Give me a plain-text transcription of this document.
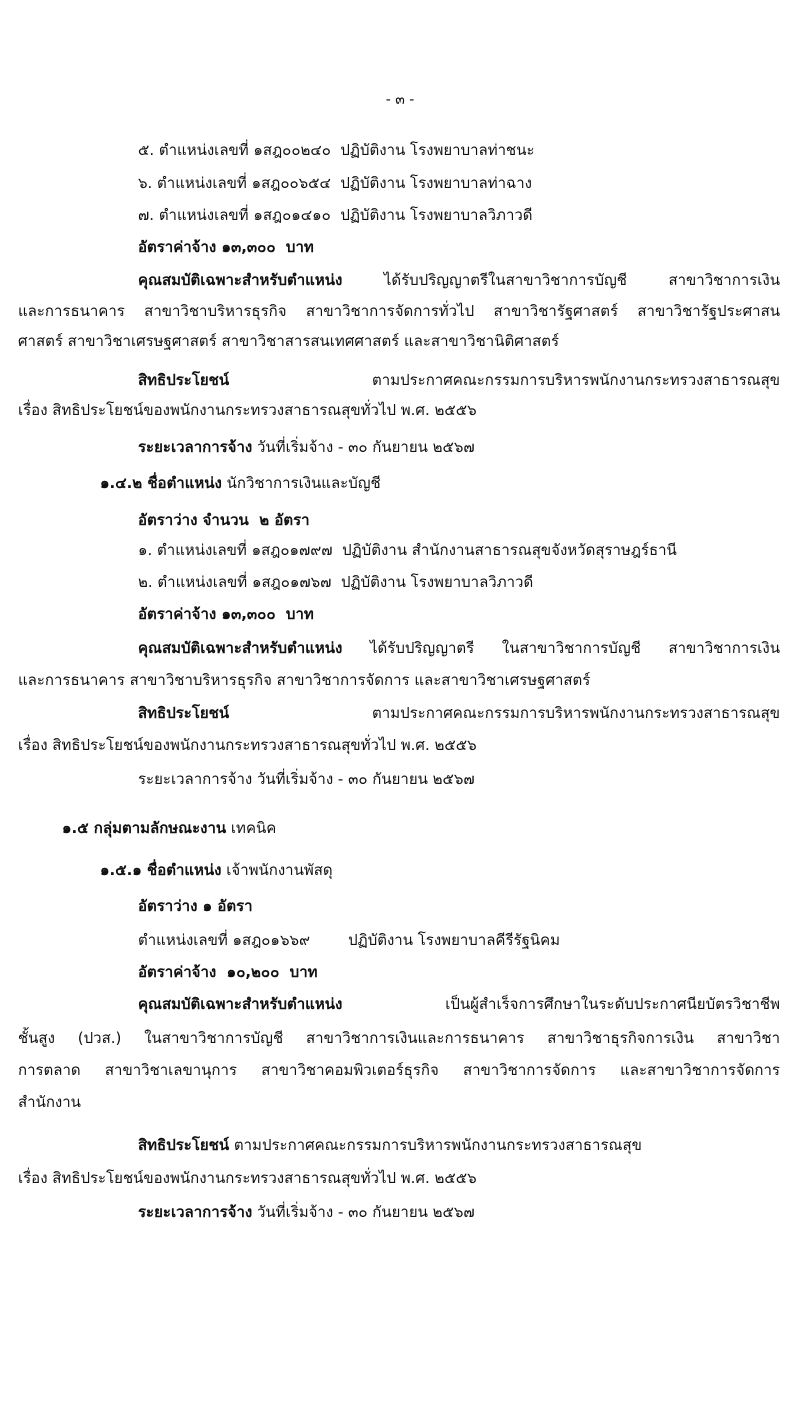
- ๓ -
๕. ตำแหน่งเลขที่ ๑สฎ๐๐๒๔๐  ปฏิบัติงาน โรงพยาบาลท่าชนะ
๖. ตำแหน่งเลขที่ ๑สฎ๐๐๖๕๔  ปฏิบัติงาน โรงพยาบาลท่าฉาง
๗. ตำแหน่งเลขที่ ๑สฎ๐๑๔๑๐  ปฏิบัติงาน โรงพยาบาลวิภาวดี
อัตราค่าจ้าง ๑๓,๓๐๐  บาท
คุณสมบัติเฉพาะสำหรับตำแหน่ง ได้รับปริญญาตรีในสาขาวิชาการบัญชี สาขาวิชาการเงิน
และการธนาคาร สาขาวิชาบริหารธุรกิจ สาขาวิชาการจัดการทั่วไป สาขาวิชารัฐศาสตร์ สาขาวิชารัฐประศาสน
ศาสตร์ สาขาวิชาเศรษฐศาสตร์ สาขาวิชาสารสนเทศศาสตร์ และสาขาวิชานิติศาสตร์
สิทธิประโยชน์ ตามประกาศคณะกรรมการบริหารพนักงานกระทรวงสาธารณสุข
เรื่อง สิทธิประโยชน์ของพนักงานกระทรวงสาธารณสุขทั่วไป พ.ศ. ๒๕๕๖
ระยะเวลาการจ้าง วันที่เริ่มจ้าง - ๓๐ กันยายน ๒๕๖๗
๑.๔.๒ ชื่อตำแหน่ง นักวิชาการเงินและบัญชี
อัตราว่าง จำนวน  ๒ อัตรา
๑. ตำแหน่งเลขที่ ๑สฎ๐๑๗๙๗  ปฏิบัติงาน สำนักงานสาธารณสุขจังหวัดสุราษฎร์ธานี
๒. ตำแหน่งเลขที่ ๑สฎ๐๑๗๖๗  ปฏิบัติงาน โรงพยาบาลวิภาวดี
อัตราค่าจ้าง ๑๓,๓๐๐  บาท
คุณสมบัติเฉพาะสำหรับตำแหน่ง ได้รับปริญญาตรี ในสาขาวิชาการบัญชี สาขาวิชาการเงิน
และการธนาคาร สาขาวิชาบริหารธุรกิจ สาขาวิชาการจัดการ และสาขาวิชาเศรษฐศาสตร์
สิทธิประโยชน์ ตามประกาศคณะกรรมการบริหารพนักงานกระทรวงสาธารณสุข
เรื่อง สิทธิประโยชน์ของพนักงานกระทรวงสาธารณสุขทั่วไป พ.ศ. ๒๕๕๖
ระยะเวลาการจ้าง วันที่เริ่มจ้าง - ๓๐ กันยายน ๒๕๖๗
๑.๕ กลุ่มตามลักษณะงาน เทคนิค
๑.๕.๑ ชื่อตำแหน่ง เจ้าพนักงานพัสดุ
อัตราว่าง ๑ อัตรา
ตำแหน่งเลขที่ ๑สฎ๐๑๖๖๙        ปฏิบัติงาน โรงพยาบาลคีรีรัฐนิคม
อัตราค่าจ้าง  ๑๐,๒๐๐  บาท
คุณสมบัติเฉพาะสำหรับตำแหน่ง เป็นผู้สำเร็จการศึกษาในระดับประกาศนียบัตรวิชาชีพ
ชั้นสูง (ปวส.) ในสาขาวิชาการบัญชี สาขาวิชาการเงินและการธนาคาร สาขาวิชาธุรกิจการเงิน สาขาวิชา
การตลาด สาขาวิชาเลขานุการ สาขาวิชาคอมพิวเตอร์ธุรกิจ สาขาวิชาการจัดการ และสาขาวิชาการจัดการ
สำนักงาน
สิทธิประโยชน์ ตามประกาศคณะกรรมการบริหารพนักงานกระทรวงสาธารณสุข
เรื่อง สิทธิประโยชน์ของพนักงานกระทรวงสาธารณสุขทั่วไป พ.ศ. ๒๕๕๖
ระยะเวลาการจ้าง วันที่เริ่มจ้าง - ๓๐ กันยายน ๒๕๖๗
